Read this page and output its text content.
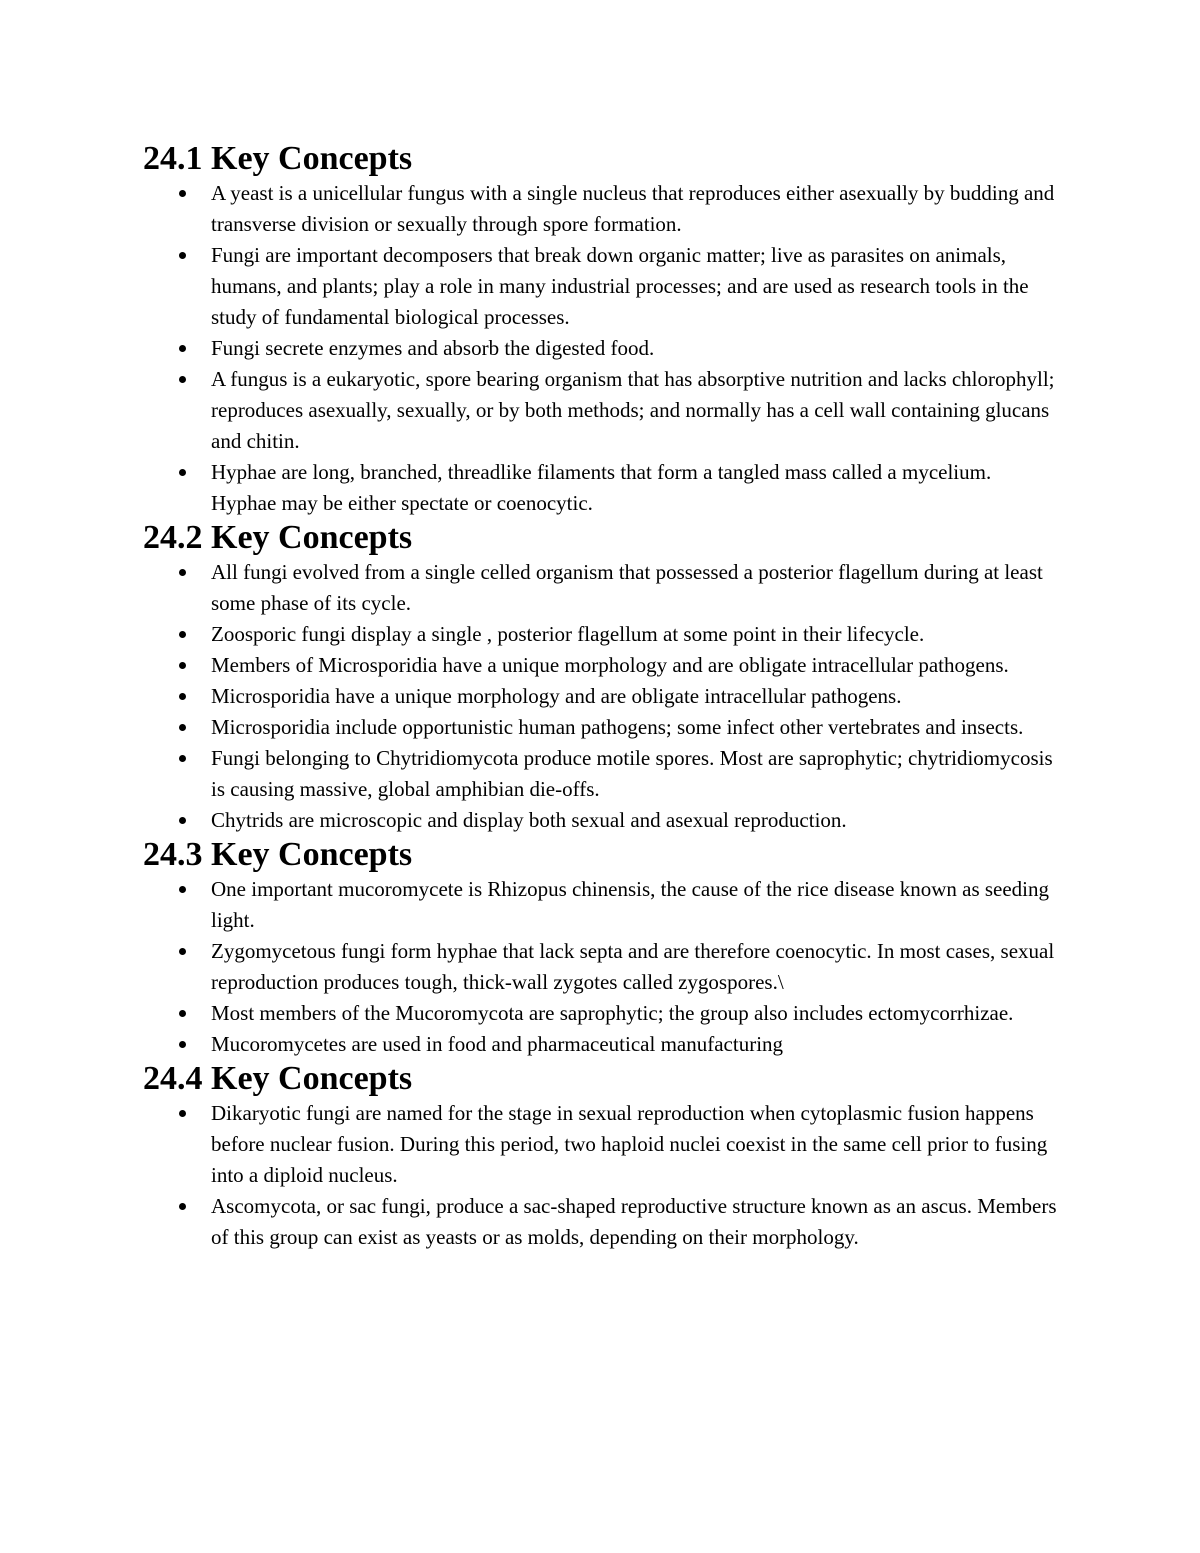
24.1 Key Concepts
A yeast is a unicellular fungus with a single nucleus that reproduces either asexually by budding and transverse division or sexually through spore formation.
Fungi are important decomposers that break down organic matter; live as parasites on animals, humans, and plants; play a role in many industrial processes; and are used as research tools in the study of fundamental biological processes.
Fungi secrete enzymes and absorb the digested food.
A fungus is a eukaryotic, spore bearing organism that has absorptive nutrition and lacks chlorophyll; reproduces asexually, sexually, or by both methods; and normally has a cell wall containing glucans and chitin.
Hyphae are long, branched, threadlike filaments that form a tangled mass called a mycelium. Hyphae may be either spectate or coenocytic.
24.2 Key Concepts
All fungi evolved from a single celled organism that possessed a posterior flagellum during at least some phase of its cycle.
Zoosporic fungi display a single , posterior flagellum at some point in their lifecycle.
Members of Microsporidia have a unique morphology and are obligate intracellular pathogens.
Microsporidia have a unique morphology and are obligate intracellular pathogens.
Microsporidia include opportunistic human pathogens; some infect other vertebrates and insects.
Fungi belonging to Chytridiomycota produce motile spores. Most are saprophytic; chytridiomycosis is causing massive, global amphibian die-offs.
Chytrids are microscopic and display both sexual and asexual reproduction.
24.3 Key Concepts
One important mucoromycete is Rhizopus chinensis, the cause of the rice disease known as seeding light.
Zygomycetous fungi form hyphae that lack septa and are therefore coenocytic. In most cases, sexual reproduction produces tough, thick-wall zygotes called zygospores.\
Most members of the Mucoromycota are saprophytic; the group also includes ectomycorrhizae.
Mucoromycetes are used in food and pharmaceutical manufacturing
24.4 Key Concepts
Dikaryotic fungi are named for the stage in sexual reproduction when cytoplasmic fusion happens before nuclear fusion. During this period, two haploid nuclei coexist in the same cell prior to fusing into a diploid nucleus.
Ascomycota, or sac fungi, produce a sac-shaped reproductive structure known as an ascus. Members of this group can exist as yeasts or as molds, depending on their morphology.
